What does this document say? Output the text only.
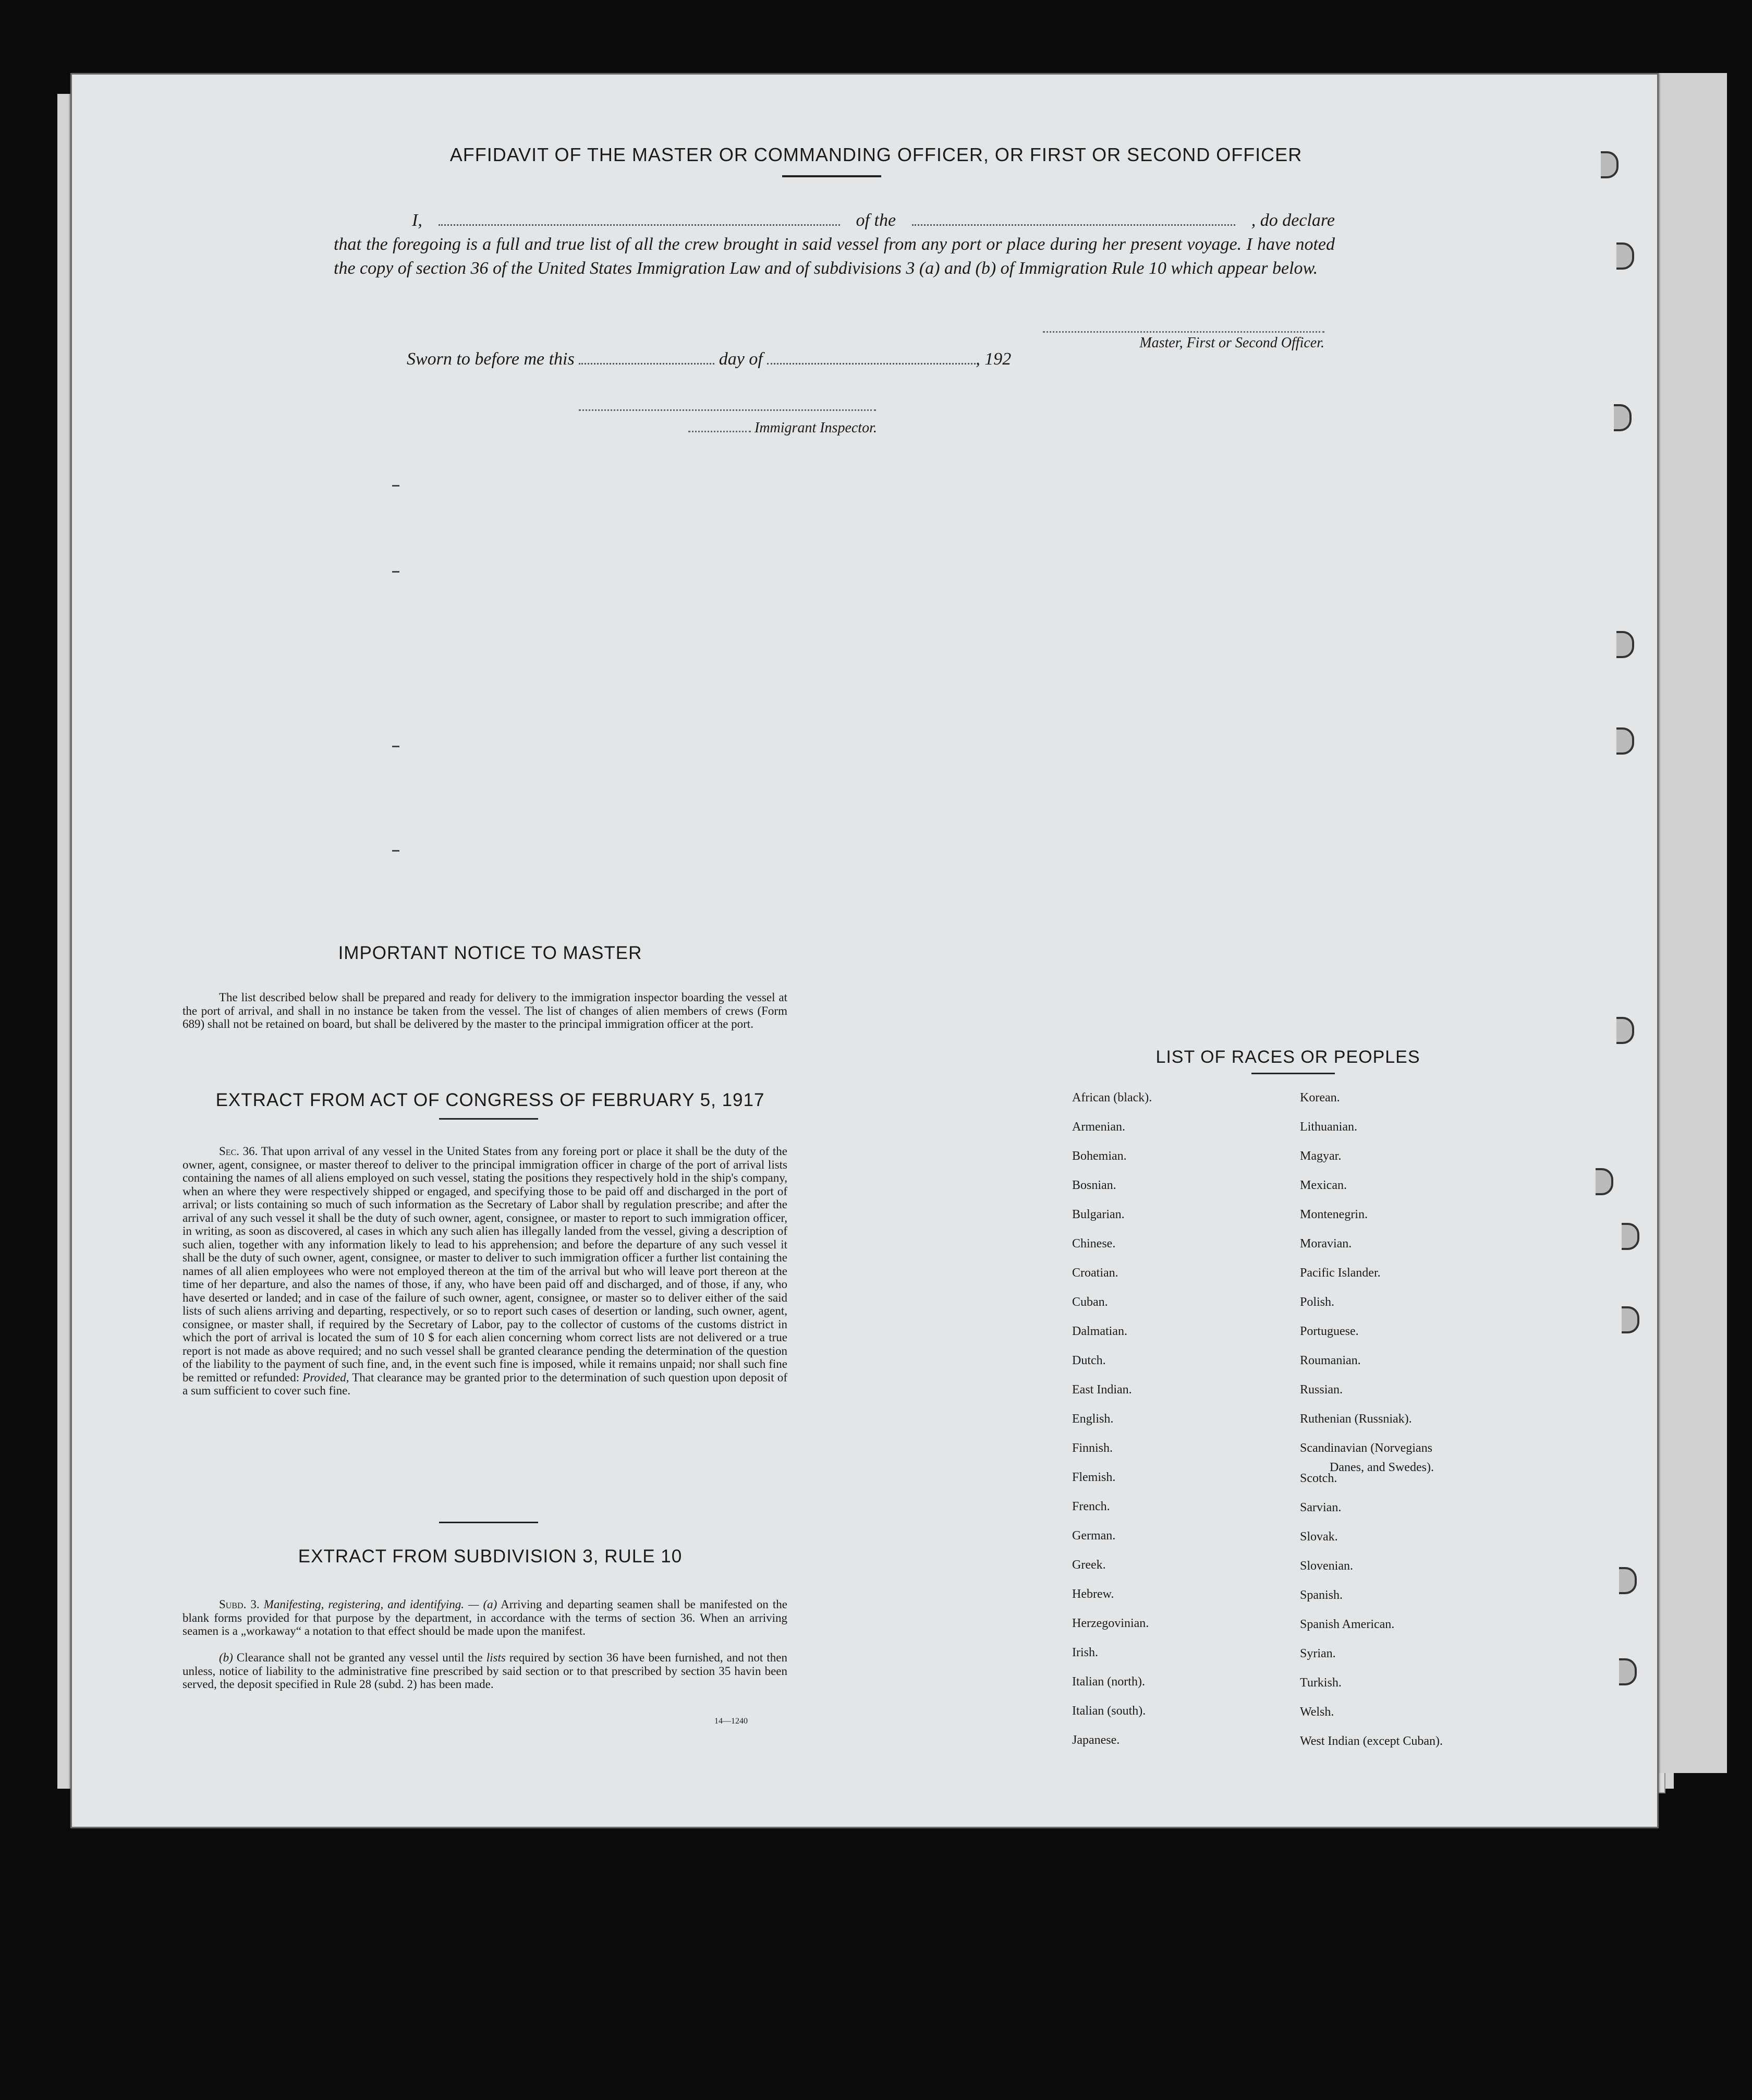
AFFIDAVIT OF THE MASTER OR COMMANDING OFFICER, OR FIRST OR SECOND OFFICER
I,	of the	, do declare
that the foregoing is a full and true list of all the crew brought in said vessel from any port or place during her present voyage. I have noted the copy of section 36 of the United States Immigration Law and of subdivisions 3 (a) and (b) of Immigration Rule 10 which appear below.
Master, First or Second Officer.
Sworn to before me this	day of	, 192
Immigrant Inspector.
IMPORTANT NOTICE TO MASTER
The list described below shall be prepared and ready for delivery to the immigration inspector boarding the vessel at the port of arrival, and shall in no instance be taken from the vessel. The list of changes of alien members of crews (Form 689) shall not be retained on board, but shall be delivered by the master to the principal immigration officer at the port.
EXTRACT FROM ACT OF CONGRESS OF FEBRUARY 5, 1917
Sec. 36. That upon arrival of any vessel in the United States from any foreing port or place it shall be the duty of the owner, agent, consignee, or master thereof to deliver to the principal immigration officer in charge of the port of arrival lists containing the names of all aliens employed on such vessel, stating the positions they respectively hold in the ship's company, when an where they were respectively shipped or engaged, and specifying those to be paid off and discharged in the port of arrival; or lists containing so much of such information as the Secretary of Labor shall by regulation prescribe; and after the arrival of any such vessel it shall be the duty of such owner, agent, consignee, or master to report to such immigration officer, in writing, as soon as discovered, al cases in which any such alien has illegally landed from the vessel, giving a description of such alien, together with any information likely to lead to his apprehension; and before the departure of any such vessel it shall be the duty of such owner, agent, consignee, or master to deliver to such immigration officer a further list containing the names of all alien employees who were not employed thereon at the tim of the arrival but who will leave port thereon at the time of her departure, and also the names of those, if any, who have been paid off and discharged, and of those, if any, who have deserted or landed; and in case of the failure of such owner, agent, consignee, or master so to deliver either of the said lists of such aliens arriving and departing, respectively, or so to report such cases of desertion or landing, such owner, agent, consignee, or master shall, if required by the Secretary of Labor, pay to the collector of customs of the customs district in which the port of arrival is located the sum of 10 $ for each alien concerning whom correct lists are not delivered or a true report is not made as above required; and no such vessel shall be granted clearance pending the determination of the question of the liability to the payment of such fine, and, in the event such fine is imposed, while it remains unpaid; nor shall such fine be remitted or refunded: Provided, That clearance may be granted prior to the determination of such question upon deposit of a sum sufficient to cover such fine.
EXTRACT FROM SUBDIVISION 3, RULE 10
Subd. 3. Manifesting, registering, and identifying. — (a) Arriving and departing seamen shall be manifested on the blank forms provided for that purpose by the department, in accordance with the terms of section 36. When an arriving seamen is a „workaway“ a notation to that effect should be made upon the manifest.
(b) Clearance shall not be granted any vessel until the lists required by section 36 have been furnished, and not then unless, notice of liability to the administrative fine prescribed by said section or to that prescribed by section 35 havin been served, the deposit specified in Rule 28 (subd. 2) has been made.
14—1240
LIST OF RACES OR PEOPLES
African (black).
Armenian.
Bohemian.
Bosnian.
Bulgarian.
Chinese.
Croatian.
Cuban.
Dalmatian.
Dutch.
East Indian.
English.
Finnish.
Flemish.
French.
German.
Greek.
Hebrew.
Herzegovinian.
Irish.
Italian (north).
Italian (south).
Japanese.
Korean.
Lithuanian.
Magyar.
Mexican.
Montenegrin.
Moravian.
Pacific Islander.
Polish.
Portuguese.
Roumanian.
Russian.
Ruthenian (Russniak).
Scandinavian (Norvegians
Scotch.
Sarvian.
Slovak.
Slovenian.
Spanish.
Spanish American.
Syrian.
Turkish.
Welsh.
West Indian (except Cuban).
Danes, and Swedes).
